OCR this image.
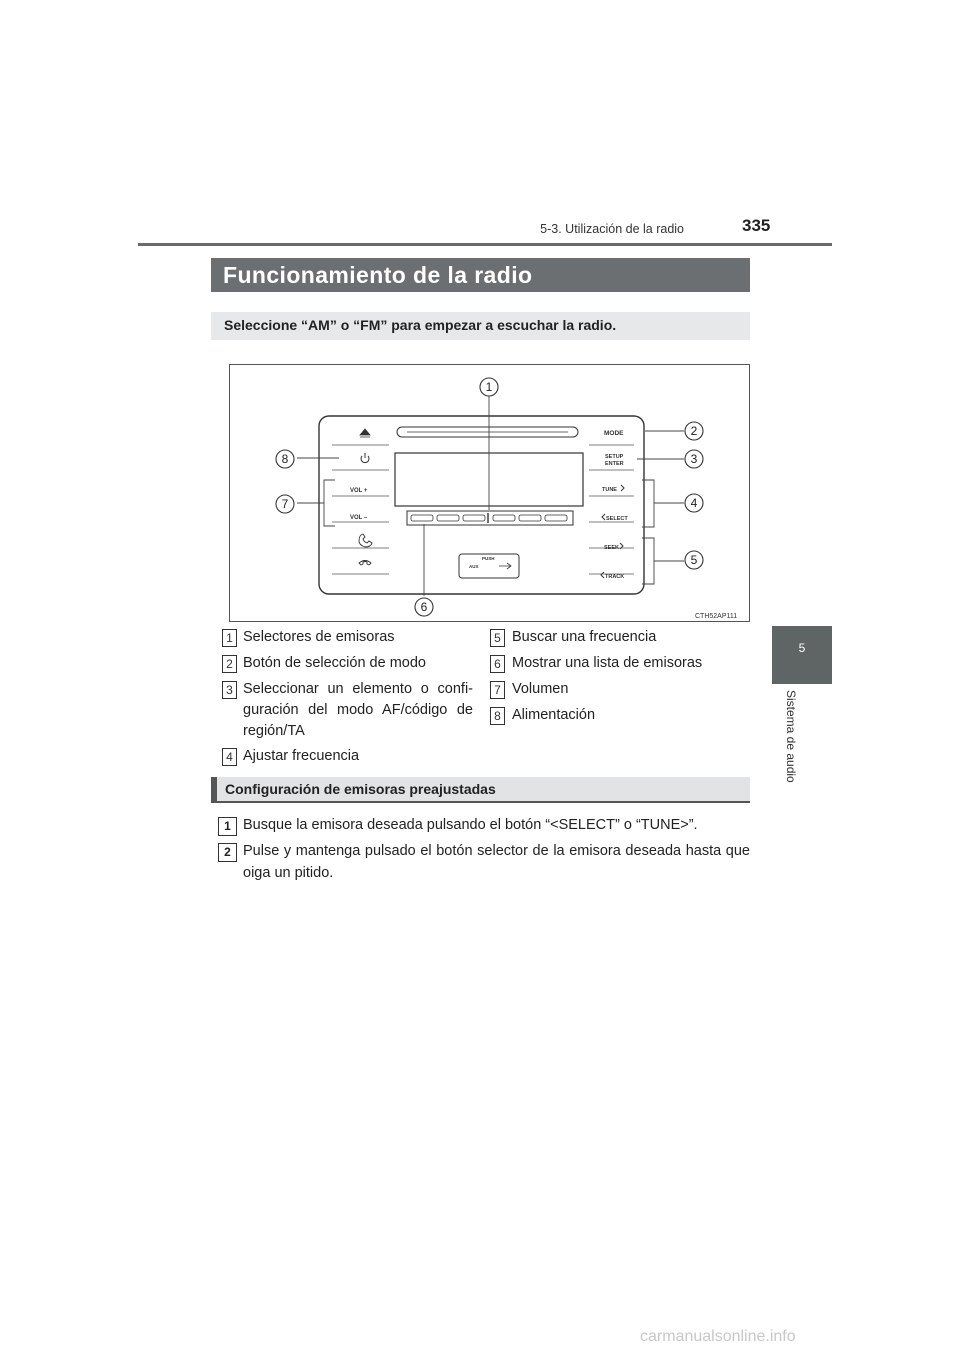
5-3. Utilización de la radio	335
5
Sistema de audio
Funcionamiento de la radio
Seleccione “AM” o “FM” para empezar a escuchar la radio.
VOL +
VOL –
MODE
SETUP
ENTER
TUNE
SELECT
SEEK
TRACK
PUSH
AUX
1
2
3
4
5
6
7
8
CTH52AP111
1 Selectores de emisoras
2 Botón de selección de modo
3 Seleccionar un elemento o confi-guración del modo AF/código de región/TA
4 Ajustar frecuencia
5 Buscar una frecuencia
6 Mostrar una lista de emisoras
7 Volumen
8 Alimentación
Configuración de emisoras preajustadas
1 Busque la emisora deseada pulsando el botón “<SELECT” o “TUNE>”.
2 Pulse y mantenga pulsado el botón selector de la emisora deseada hasta que oiga un pitido.
carmanualsonline.info
